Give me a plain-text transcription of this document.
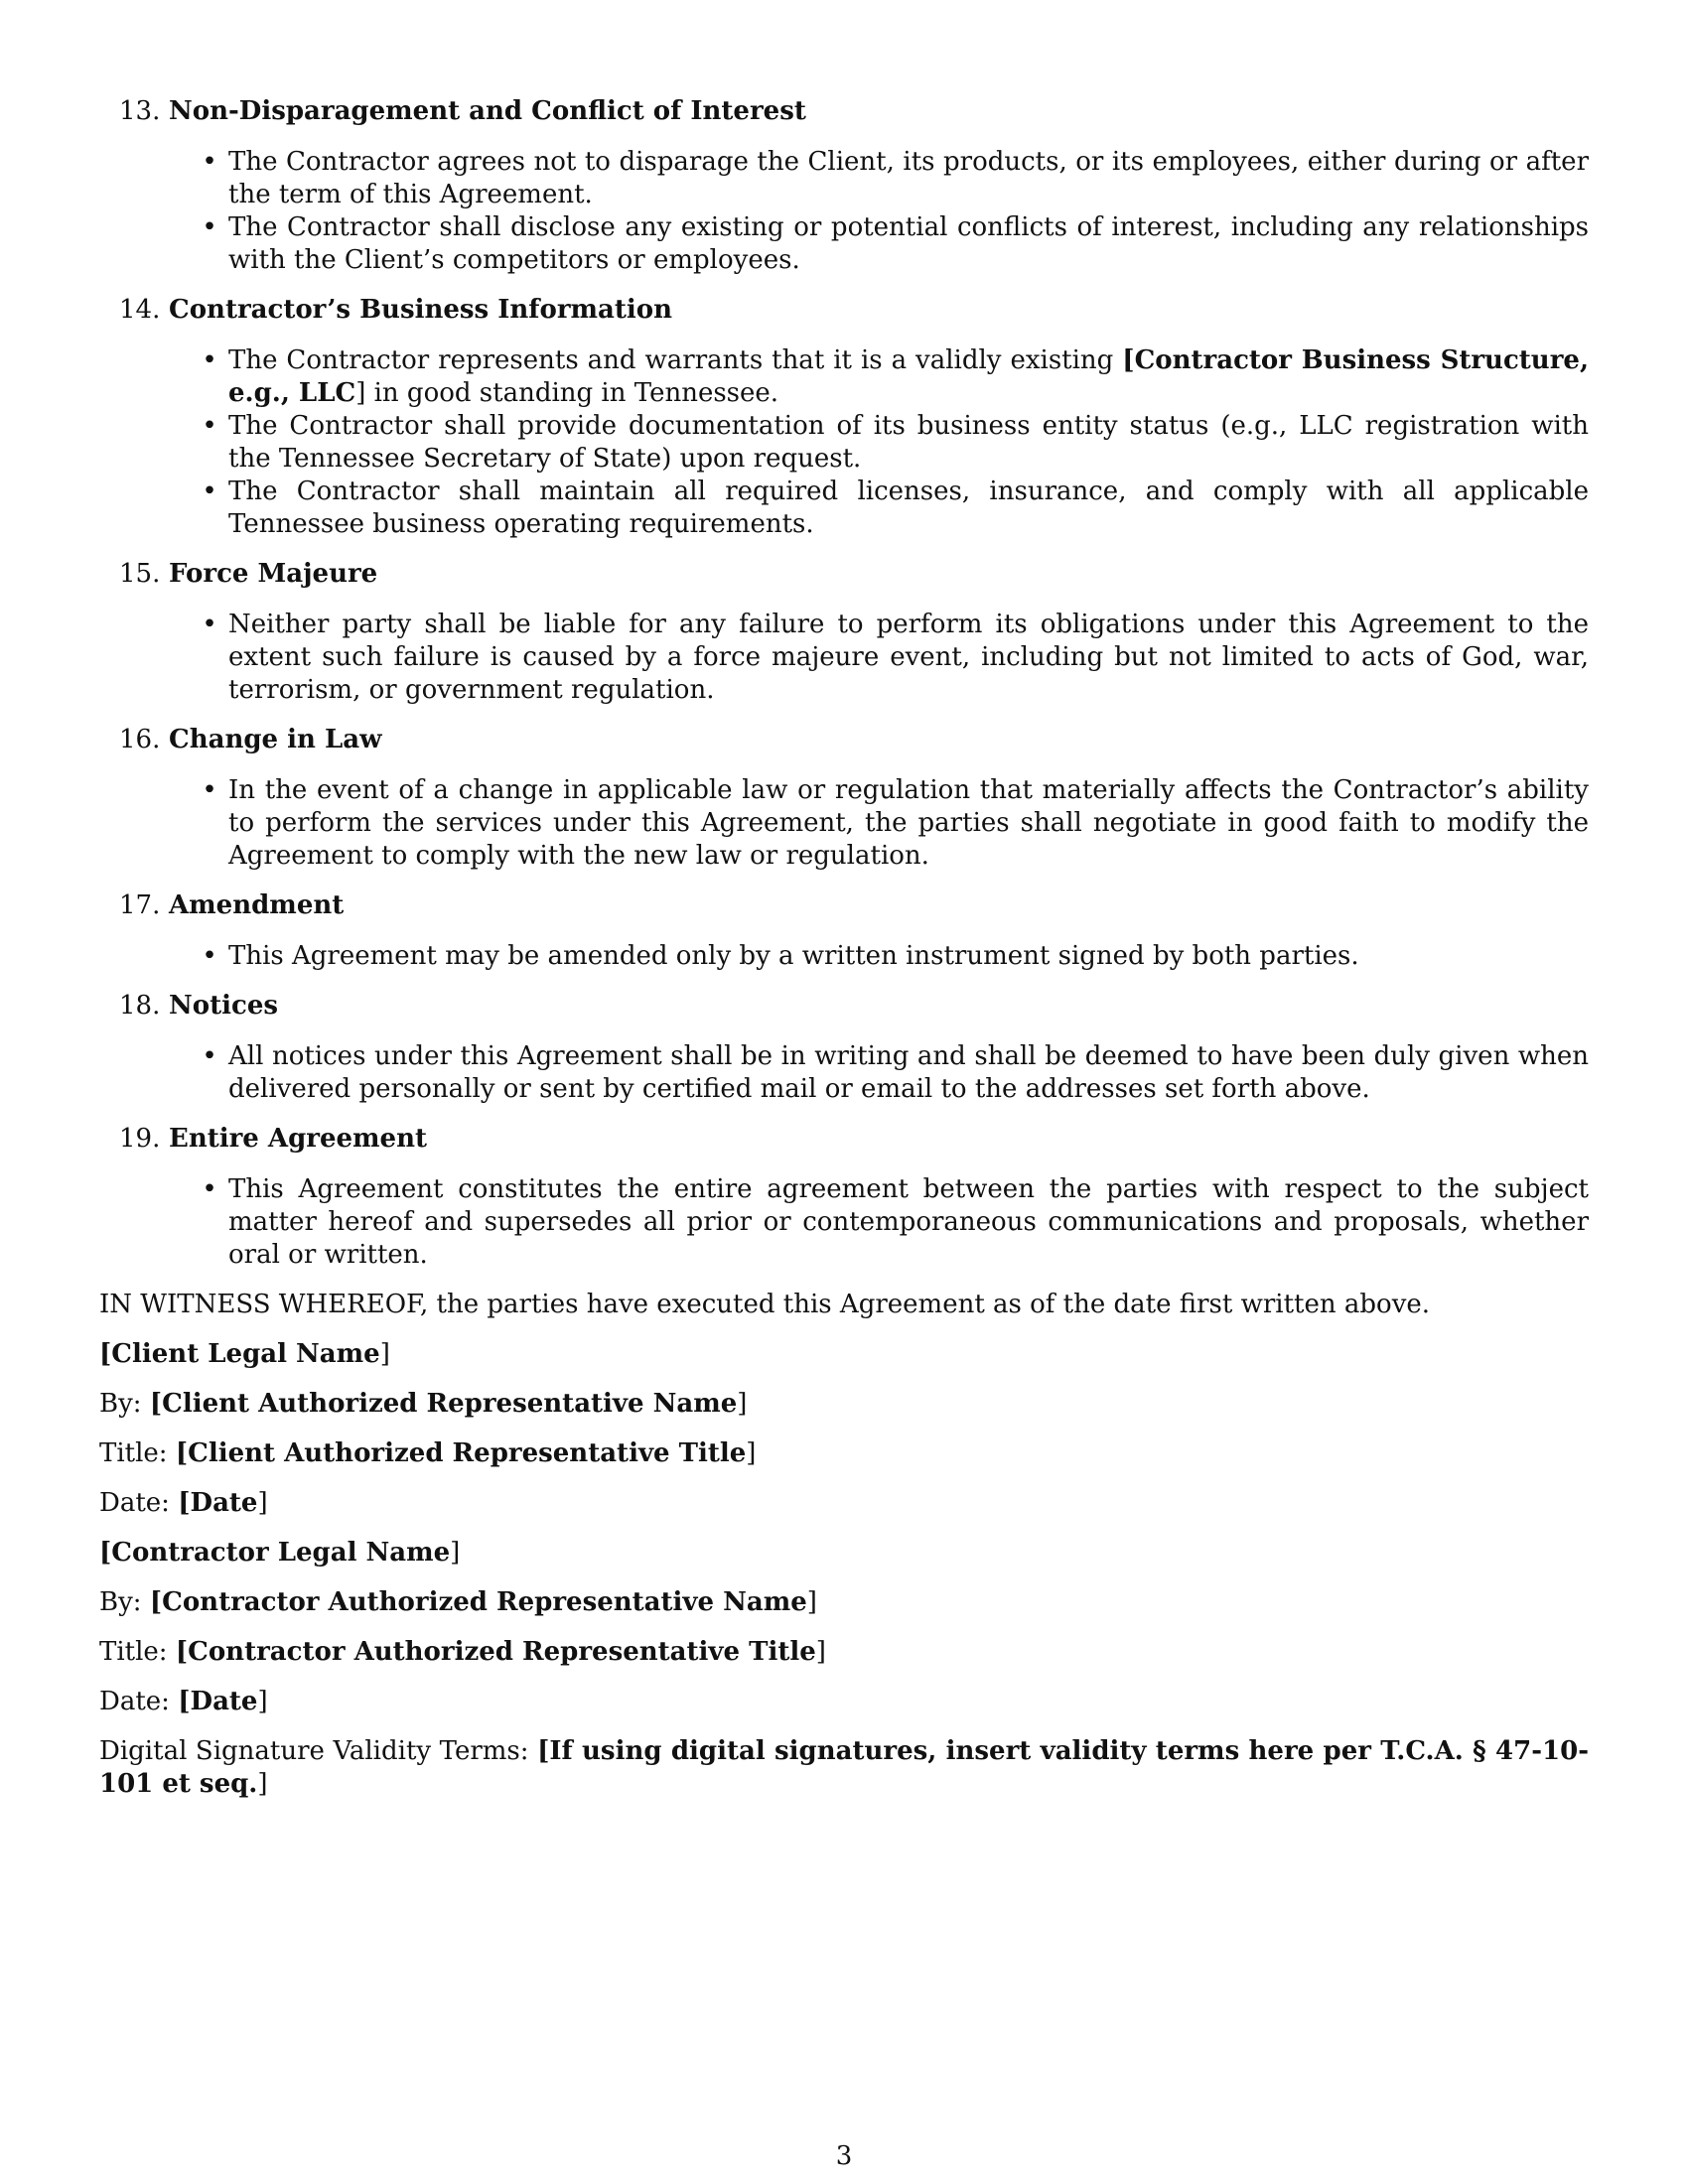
13. Non-Disparagement and Conflict of Interest
• The Contractor agrees not to disparage the Client, its products, or its employees, either during or after the term of this Agreement.
• The Contractor shall disclose any existing or potential conflicts of interest, including any relationships with the Client’s competitors or employees.
14. Contractor’s Business Information
• The Contractor represents and warrants that it is a validly existing [Contractor Business Structure, e.g., LLC] in good standing in Tennessee.
• The Contractor shall provide documentation of its business entity status (e.g., LLC registration with the Tennessee Secretary of State) upon request.
• The Contractor shall maintain all required licenses, insurance, and comply with all applicable Tennessee business operating requirements.
15. Force Majeure
• Neither party shall be liable for any failure to perform its obligations under this Agreement to the extent such failure is caused by a force majeure event, including but not limited to acts of God, war, terrorism, or government regulation.
16. Change in Law
• In the event of a change in applicable law or regulation that materially affects the Contractor’s ability to perform the services under this Agreement, the parties shall negotiate in good faith to modify the Agreement to comply with the new law or regulation.
17. Amendment
• This Agreement may be amended only by a written instrument signed by both parties.
18. Notices
• All notices under this Agreement shall be in writing and shall be deemed to have been duly given when delivered personally or sent by certified mail or email to the addresses set forth above.
19. Entire Agreement
• This Agreement constitutes the entire agreement between the parties with respect to the subject matter hereof and supersedes all prior or contemporaneous communications and proposals, whether oral or written.
IN WITNESS WHEREOF, the parties have executed this Agreement as of the date first written above.
[Client Legal Name]
By: [Client Authorized Representative Name]
Title: [Client Authorized Representative Title]
Date: [Date]
[Contractor Legal Name]
By: [Contractor Authorized Representative Name]
Title: [Contractor Authorized Representative Title]
Date: [Date]
Digital Signature Validity Terms: [If using digital signatures, insert validity terms here per T.C.A. § 47-10-101 et seq.]
3
